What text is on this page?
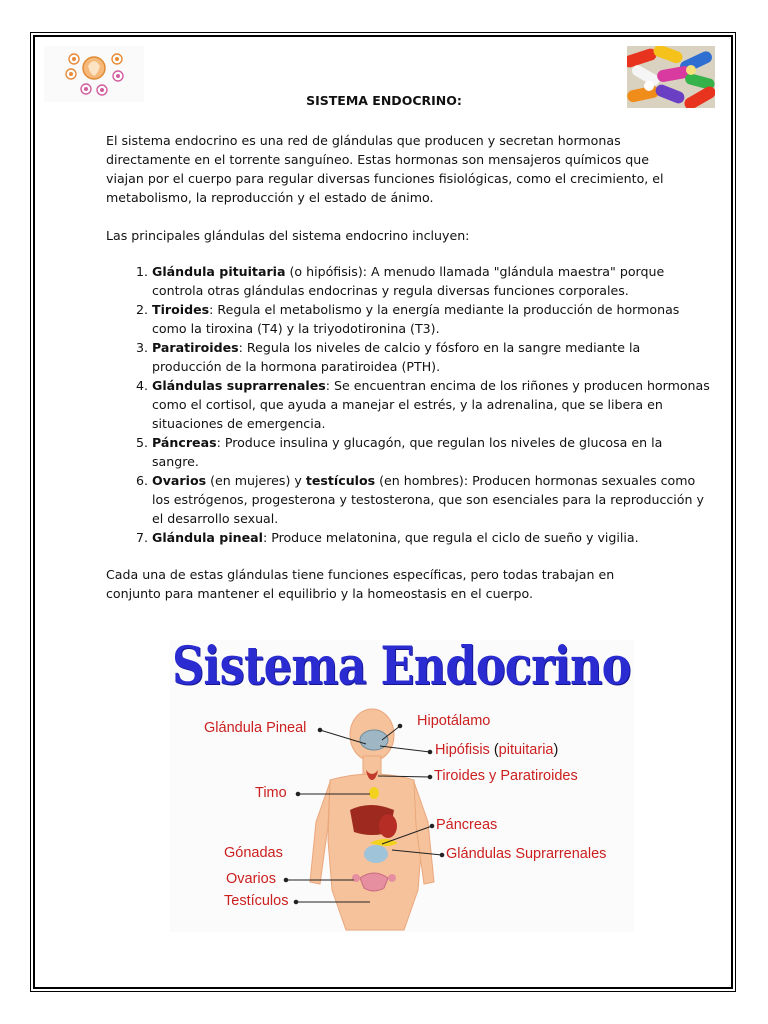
SISTEMA ENDOCRINO:
El sistema endocrino es una red de glándulas que producen y secretan hormonas directamente en el torrente sanguíneo. Estas hormonas son mensajeros químicos que viajan por el cuerpo para regular diversas funciones fisiológicas, como el crecimiento, el metabolismo, la reproducción y el estado de ánimo.
Las principales glándulas del sistema endocrino incluyen:
1. Glándula pituitaria (o hipófisis): A menudo llamada "glándula maestra" porque controla otras glándulas endocrinas y regula diversas funciones corporales.
2. Tiroides: Regula el metabolismo y la energía mediante la producción de hormonas como la tiroxina (T4) y la triyodotironina (T3).
3. Paratiroides: Regula los niveles de calcio y fósforo en la sangre mediante la producción de la hormona paratiroidea (PTH).
4. Glándulas suprarrenales: Se encuentran encima de los riñones y producen hormonas como el cortisol, que ayuda a manejar el estrés, y la adrenalina, que se libera en situaciones de emergencia.
5. Páncreas: Produce insulina y glucagón, que regulan los niveles de glucosa en la sangre.
6. Ovarios (en mujeres) y testículos (en hombres): Producen hormonas sexuales como los estrógenos, progesterona y testosterona, que son esenciales para la reproducción y el desarrollo sexual.
7. Glándula pineal: Produce melatonina, que regula el ciclo de sueño y vigilia.
Cada una de estas glándulas tiene funciones específicas, pero todas trabajan en conjunto para mantener el equilibrio y la homeostasis en el cuerpo.
Sistema Endocrino
Glándula Pineal	Hipotálamo
Hipófisis (pituitaria)
Tiroides y Paratiroides
Timo
Páncreas
Gónadas	Glándulas Suprarrenales
Ovarios
Testículos
